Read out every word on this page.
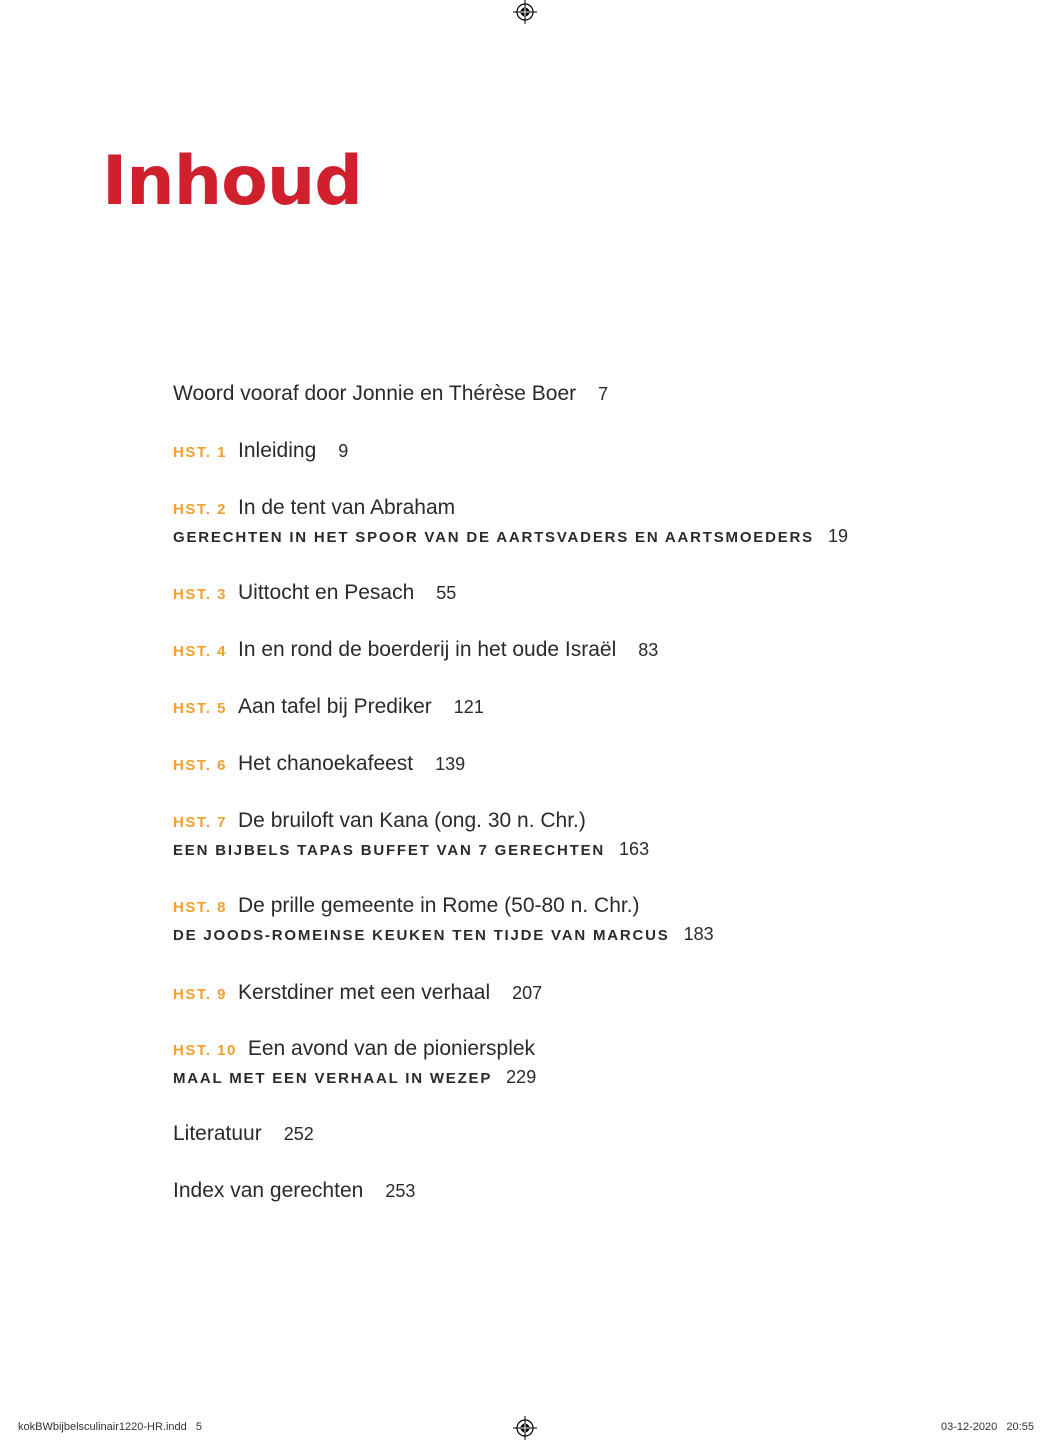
Inhoud
Woord vooraf door Jonnie en Thérèse Boer 7
HST. 1 Inleiding 9
HST. 2 In de tent van Abraham
GERECHTEN IN HET SPOOR VAN DE AARTSVADERS EN AARTSMOEDERS 19
HST. 3 Uittocht en Pesach 55
HST. 4 In en rond de boerderij in het oude Israël 83
HST. 5 Aan tafel bij Prediker 121
HST. 6 Het chanoekafeest 139
HST. 7 De bruiloft van Kana (ong. 30 n. Chr.)
EEN BIJBELS TAPAS BUFFET VAN 7 GERECHTEN 163
HST. 8 De prille gemeente in Rome (50-80 n. Chr.)
DE JOODS-ROMEINSE KEUKEN TEN TIJDE VAN MARCUS 183
HST. 9 Kerstdiner met een verhaal 207
HST. 10 Een avond van de pioniersplek
MAAL MET EEN VERHAAL IN WEZEP 229
Literatuur 252
Index van gerechten 253
kokBWbijbelsculinair1220-HR.indd   5	03-12-2020   20:55
